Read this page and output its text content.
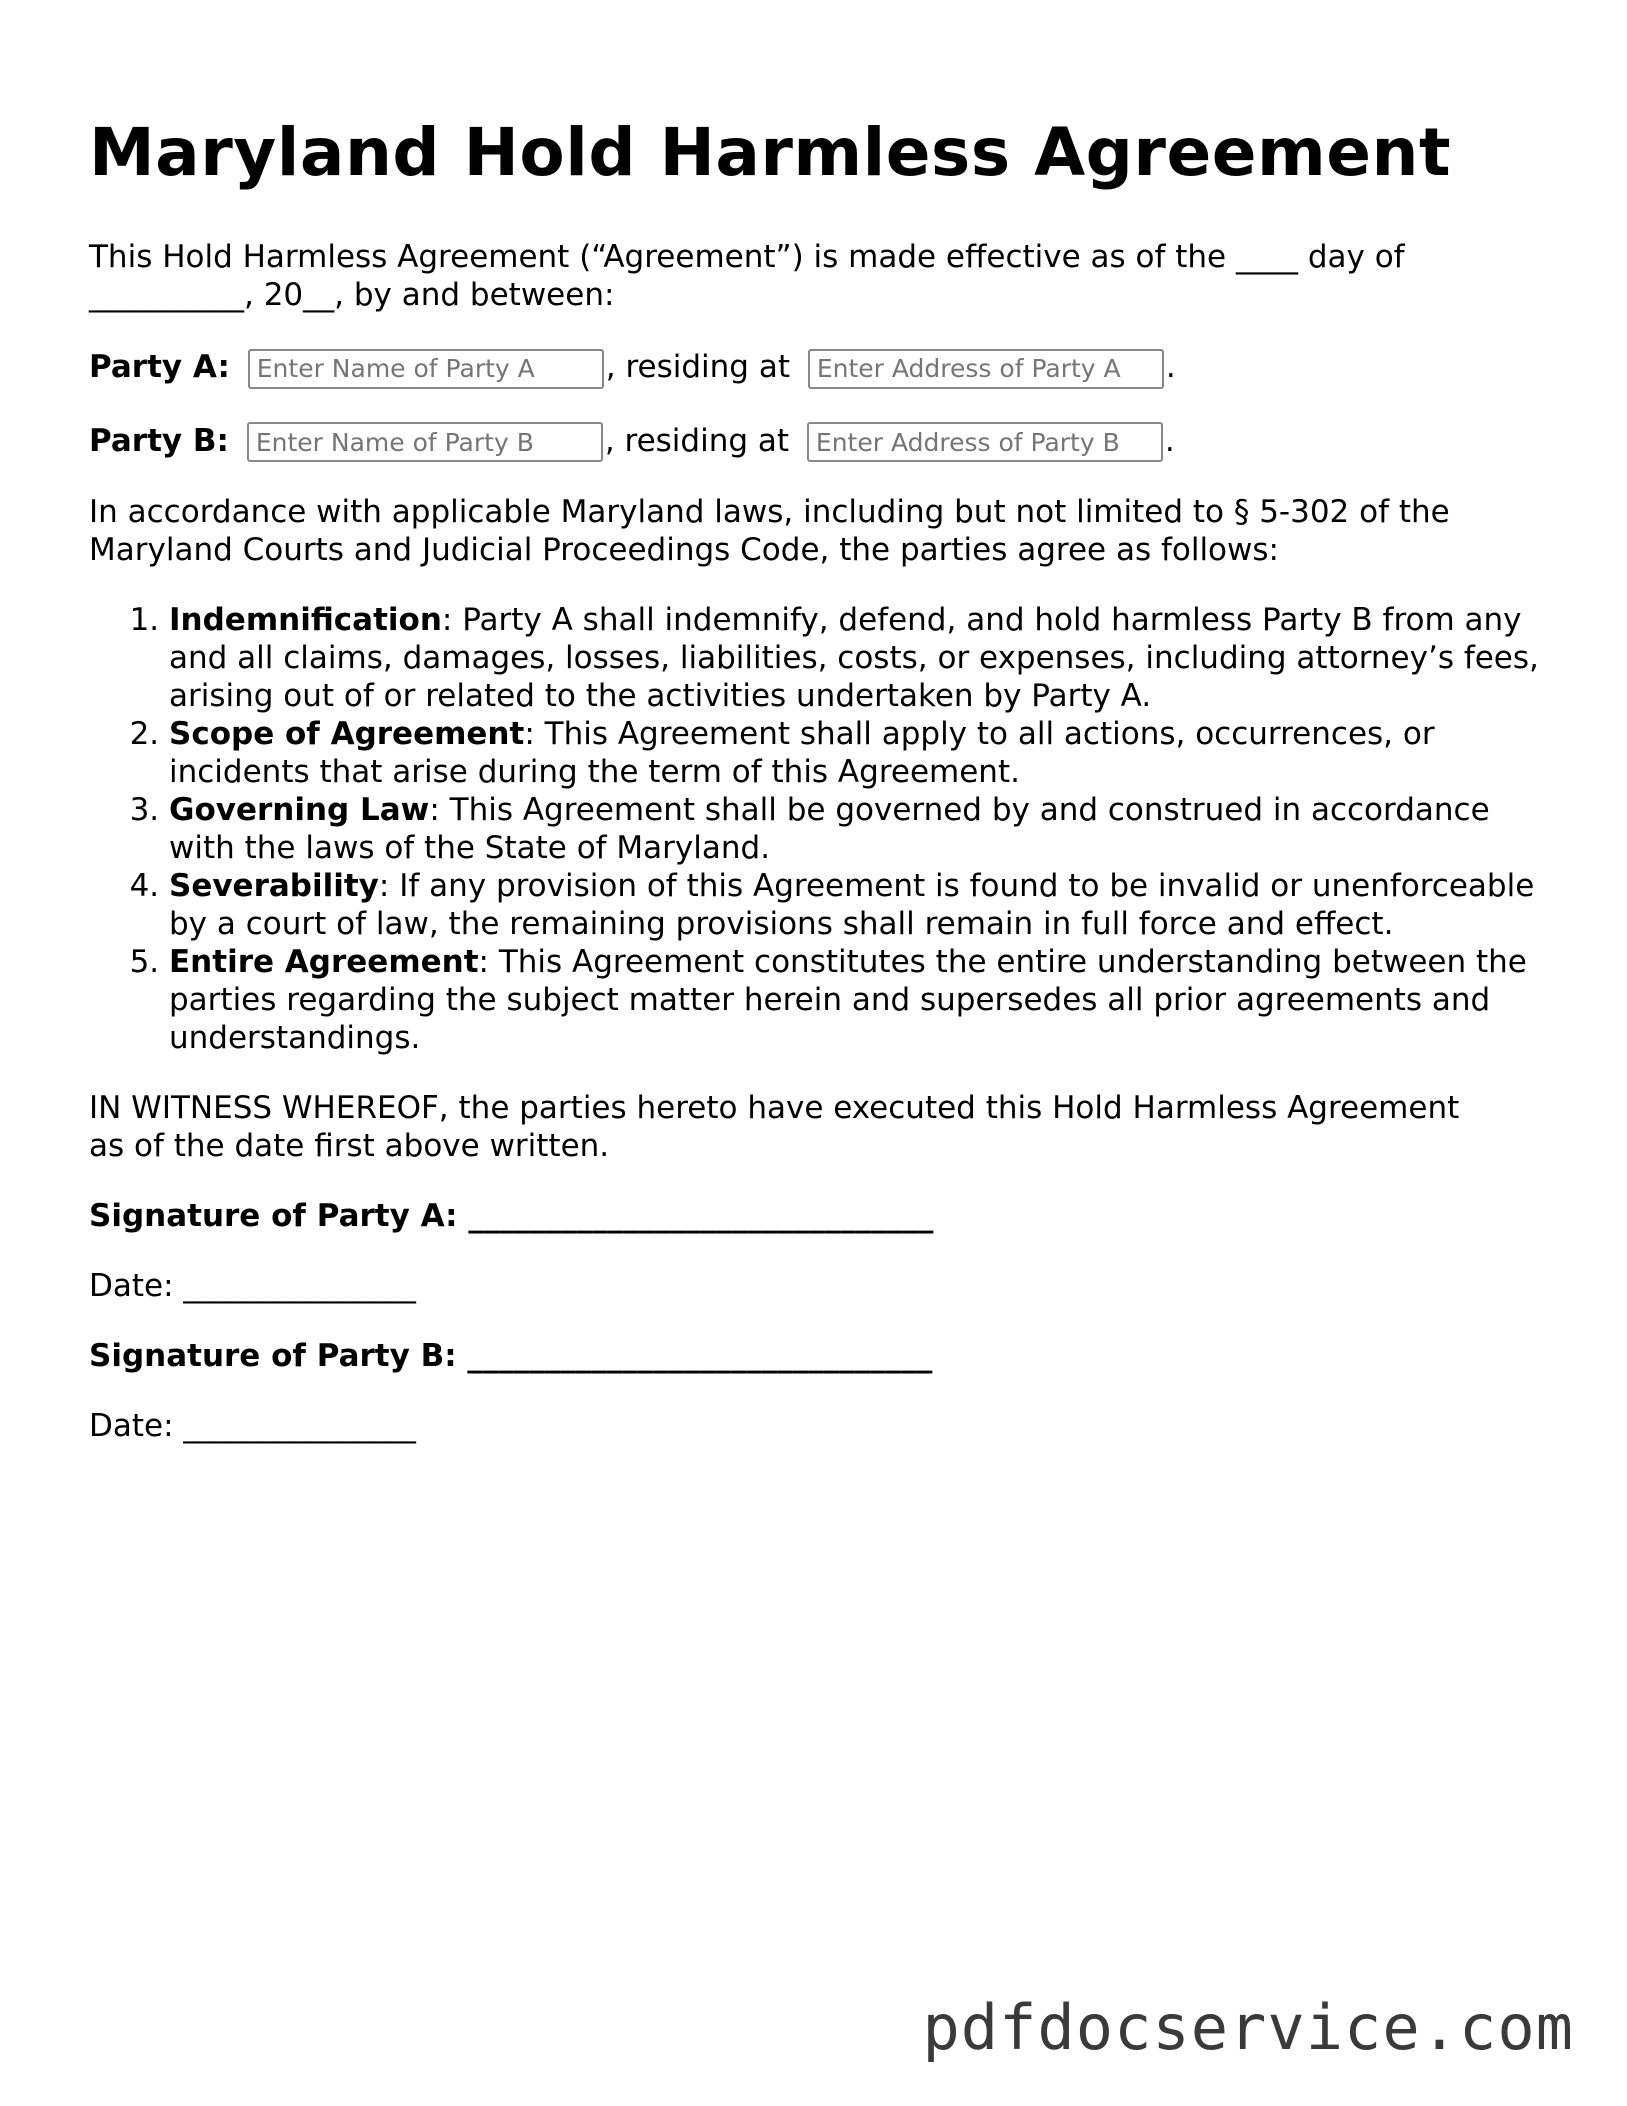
Maryland Hold Harmless Agreement
This Hold Harmless Agreement (“Agreement”) is made effective as of the ____ day of
__________, 20__, by and between:
Party A: Enter Name of Party A	, residing at Enter Address of Party A	.
Party B: Enter Name of Party B	, residing at Enter Address of Party B	.
In accordance with applicable Maryland laws, including but not limited to § 5-302 of the
Maryland Courts and Judicial Proceedings Code, the parties agree as follows:
1. Indemnification: Party A shall indemnify, defend, and hold harmless Party B from any and all claims, damages, losses, liabilities, costs, or expenses, including attorney’s fees, arising out of or related to the activities undertaken by Party A.
2. Scope of Agreement: This Agreement shall apply to all actions, occurrences, or incidents that arise during the term of this Agreement.
3. Governing Law: This Agreement shall be governed by and construed in accordance with the laws of the State of Maryland.
4. Severability: If any provision of this Agreement is found to be invalid or unenforceable by a court of law, the remaining provisions shall remain in full force and effect.
5. Entire Agreement: This Agreement constitutes the entire understanding between the parties regarding the subject matter herein and supersedes all prior agreements and understandings.
IN WITNESS WHEREOF, the parties hereto have executed this Hold Harmless Agreement
as of the date first above written.
Signature of Party A: ______________________________
Date: _______________
Signature of Party B: ______________________________
Date: _______________
pdfdocservice.com
